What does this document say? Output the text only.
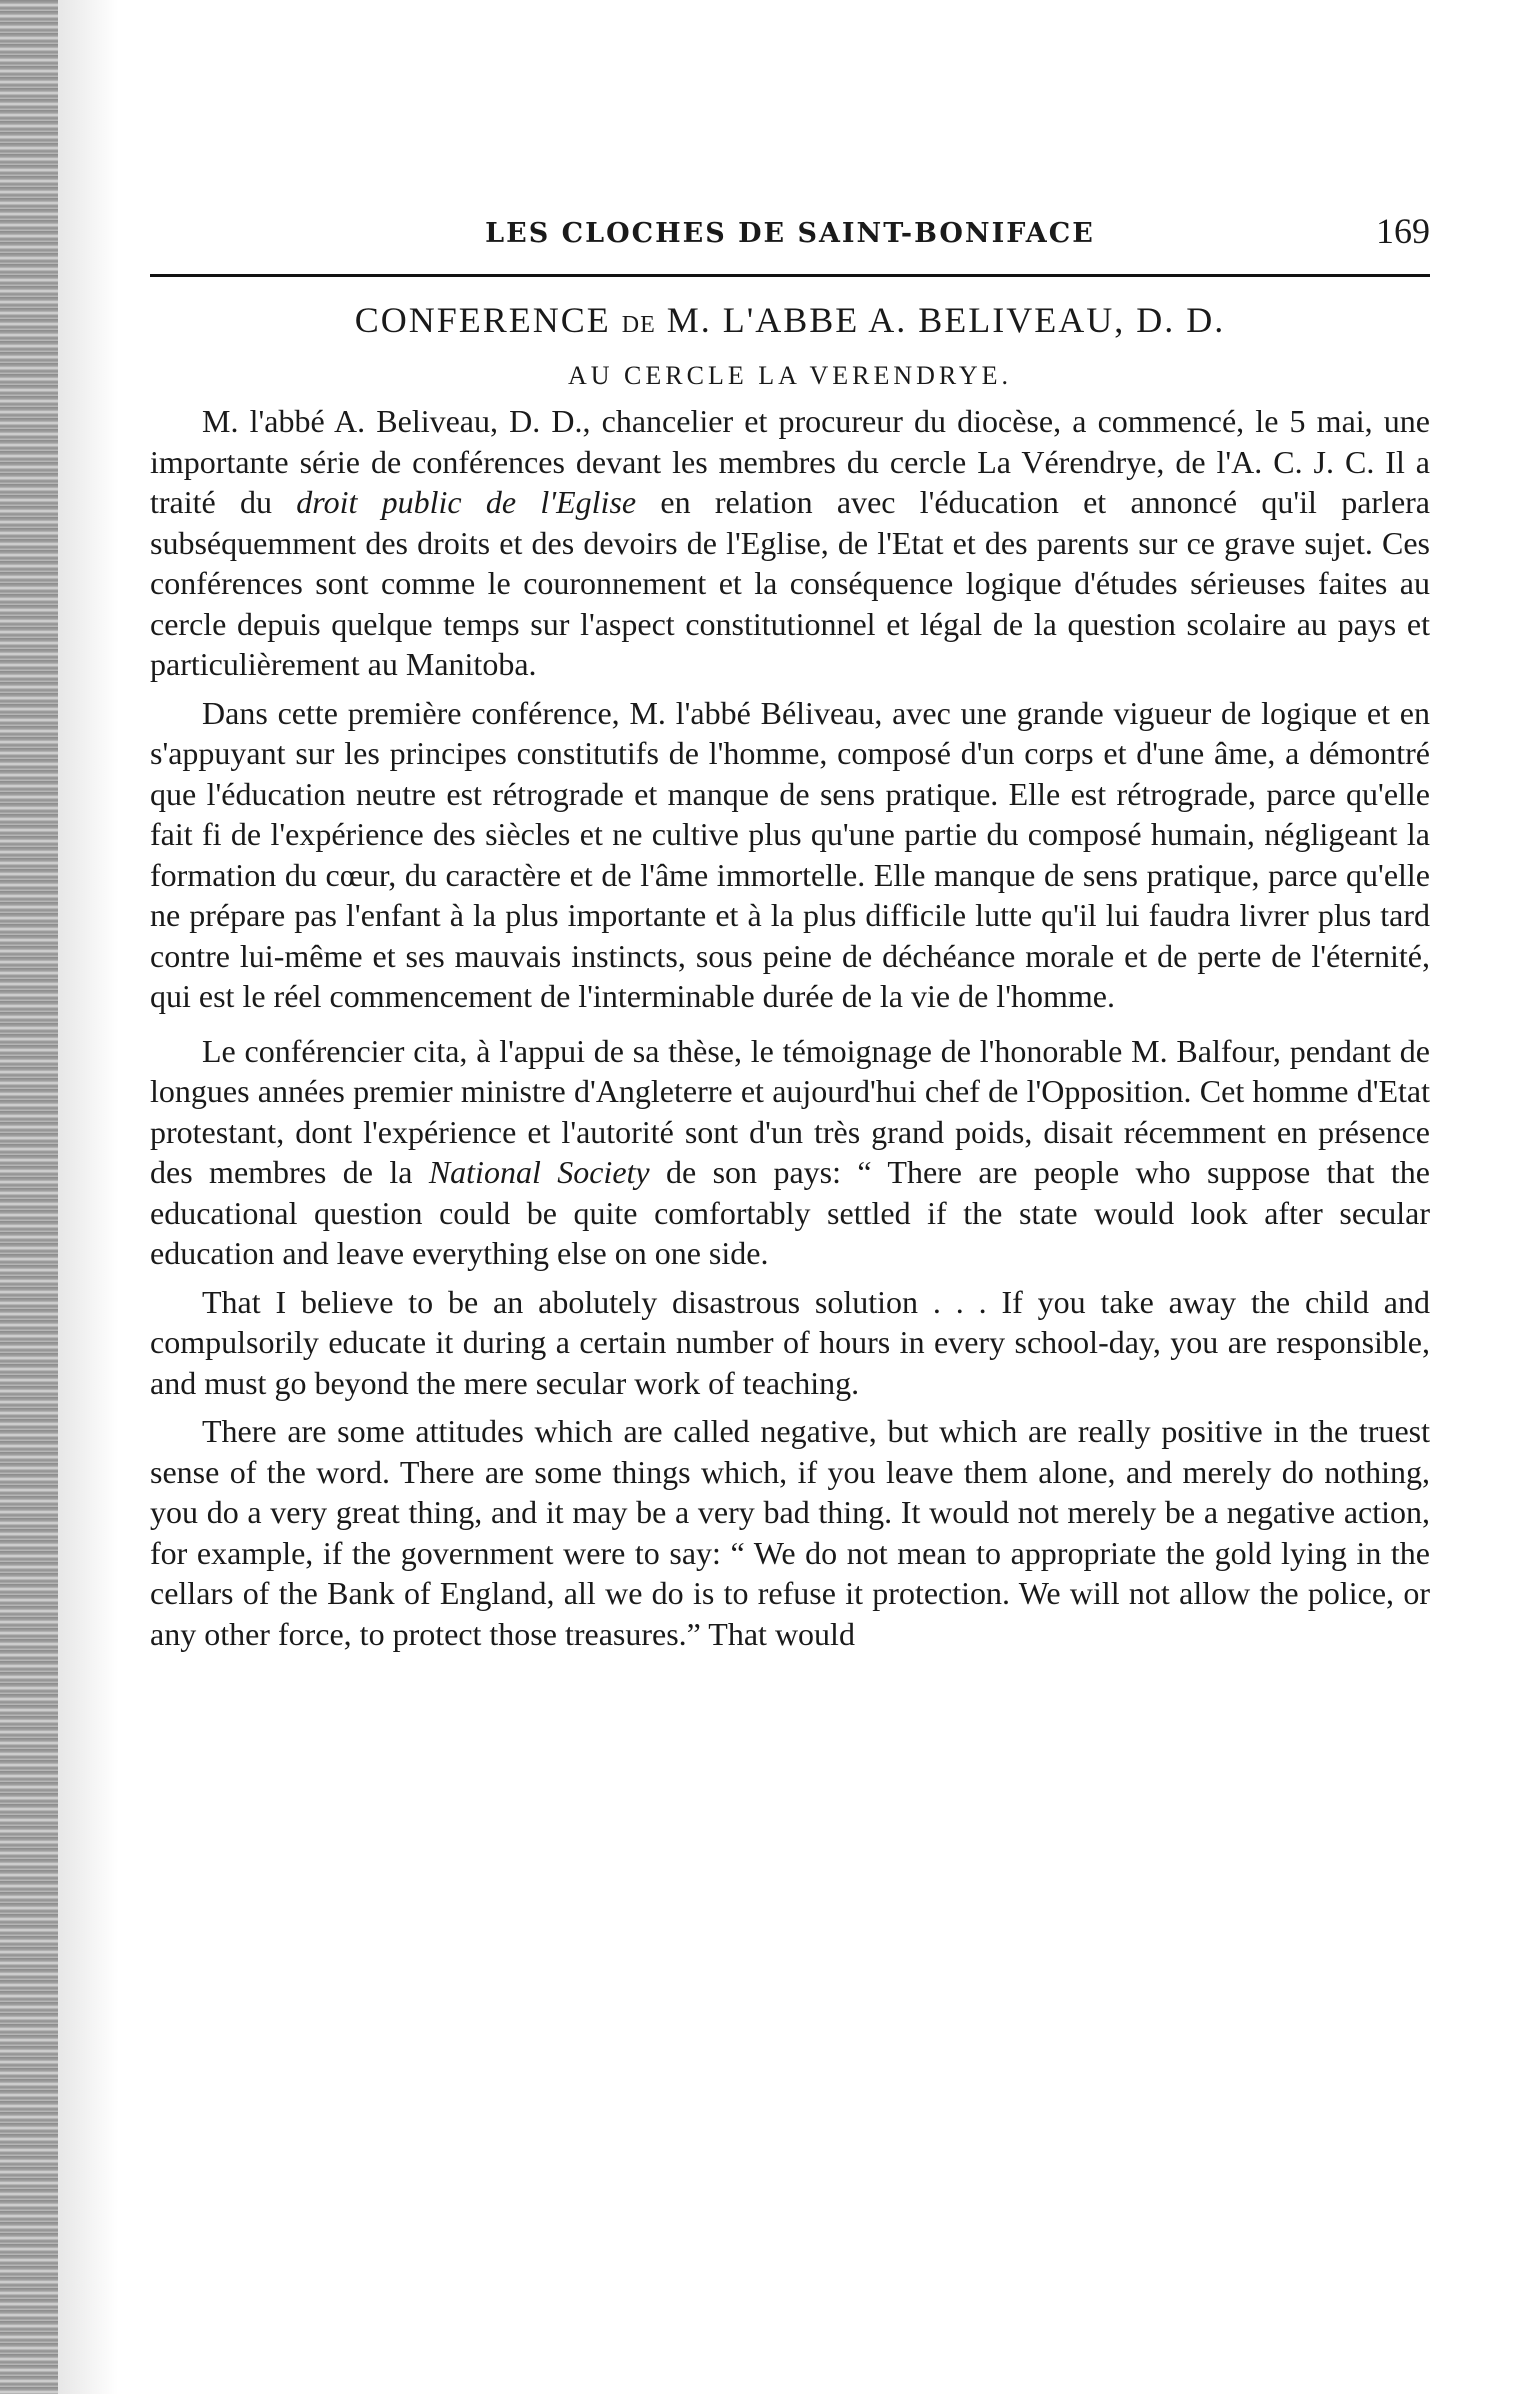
LES CLOCHES DE SAINT-BONIFACE	169
CONFERENCE DE M. L'ABBE A. BELIVEAU, D. D.
AU CERCLE LA VERENDRYE.

M. l'abbé A. Beliveau, D. D., chancelier et procureur du diocèse, a commencé, le 5 mai, une importante série de conférences devant les membres du cercle La Vérendrye, de l'A. C. J. C. Il a traité du droit public de l'Eglise en relation avec l'éducation et annoncé qu'il parlera subséquemment des droits et des devoirs de l'Eglise, de l'Etat et des parents sur ce grave sujet. Ces conférences sont comme le couronnement et la conséquence logique d'études sérieuses faites au cercle depuis quelque temps sur l'aspect constitutionnel et légal de la question scolaire au pays et particulièrement au Manitoba.

Dans cette première conférence, M. l'abbé Béliveau, avec une grande vigueur de logique et en s'appuyant sur les principes constitutifs de l'homme, composé d'un corps et d'une âme, a démontré que l'éducation neutre est rétrograde et manque de sens pratique. Elle est rétrograde, parce qu'elle fait fi de l'expérience des siècles et ne cultive plus qu'une partie du composé humain, négligeant la formation du cœur, du caractère et de l'âme immortelle. Elle manque de sens pratique, parce qu'elle ne prépare pas l'enfant à la plus importante et à la plus difficile lutte qu'il lui faudra livrer plus tard contre lui-même et ses mauvais instincts, sous peine de déchéance morale et de perte de l'éternité, qui est le réel commencement de l'interminable durée de la vie de l'homme.

Le conférencier cita, à l'appui de sa thèse, le témoignage de l'honorable M. Balfour, pendant de longues années premier ministre d'Angleterre et aujourd'hui chef de l'Opposition. Cet homme d'Etat protestant, dont l'expérience et l'autorité sont d'un très grand poids, disait récemment en présence des membres de la National Society de son pays: “ There are people who suppose that the educational question could be quite comfortably settled if the state would look after secular education and leave everything else on one side.

That I believe to be an abolutely disastrous solution . . . If you take away the child and compulsorily educate it during a certain number of hours in every school-day, you are responsible, and must go beyond the mere secular work of teaching.

There are some attitudes which are called negative, but which are really positive in the truest sense of the word. There are some things which, if you leave them alone, and merely do nothing, you do a very great thing, and it may be a very bad thing. It would not merely be a negative action, for example, if the government were to say: “ We do not mean to appropriate the gold lying in the cellars of the Bank of England, all we do is to refuse it protection. We will not allow the police, or any other force, to protect those treasures.” That would
